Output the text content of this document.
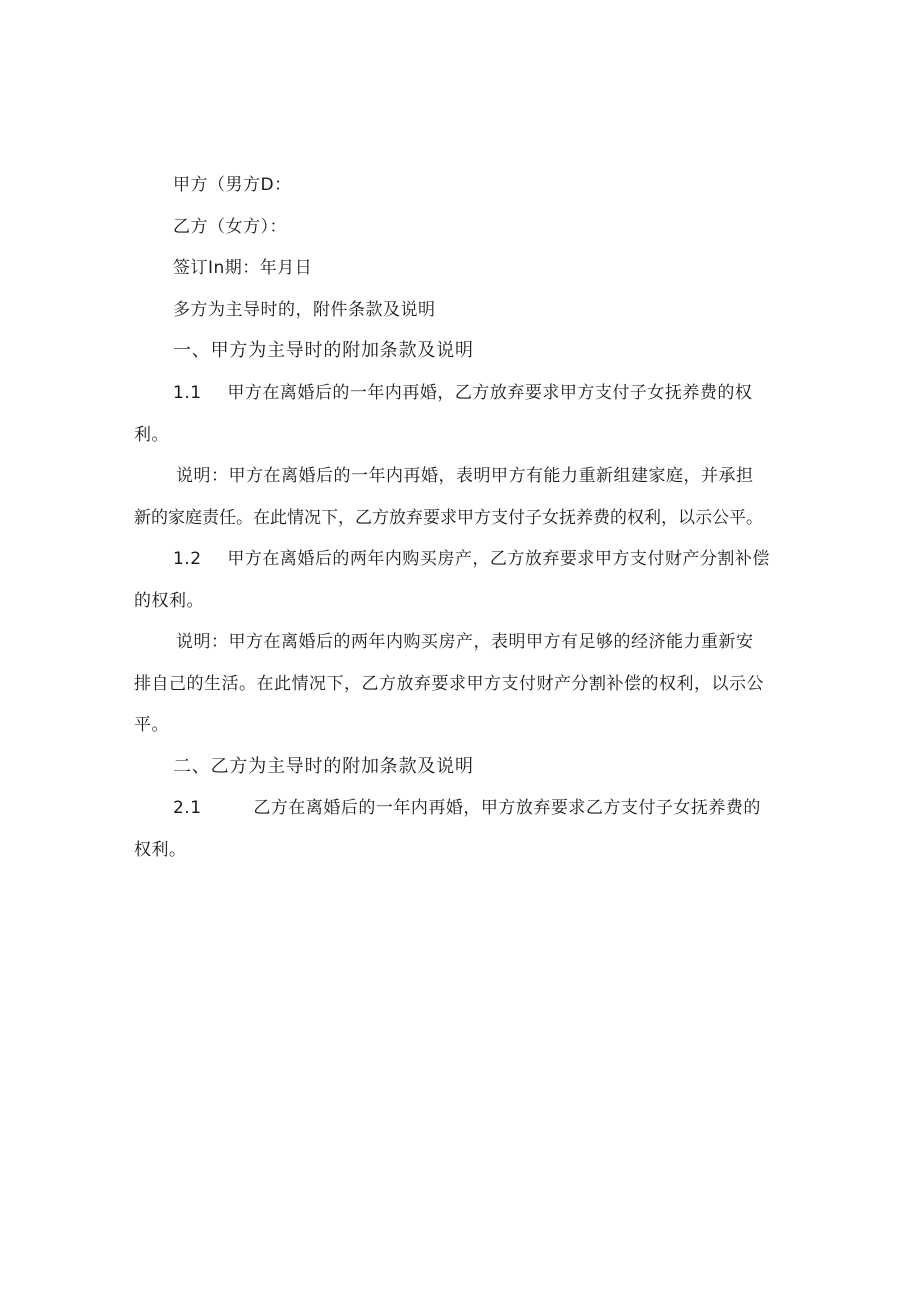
甲方（男方D：
乙方（女方）：
签订In期：年月日
多方为主导时的，附件条款及说明
一、甲方为主导时的附加条款及说明
1.1 甲方在离婚后的一年内再婚，乙方放弃要求甲方支付子女抚养费的权
利。
说明：甲方在离婚后的一年内再婚，表明甲方有能力重新组建家庭，并承担
新的家庭责任。在此情况下，乙方放弃要求甲方支付子女抚养费的权利，以示公平。
1.2 甲方在离婚后的两年内购买房产，乙方放弃要求甲方支付财产分割补偿
的权利。
说明：甲方在离婚后的两年内购买房产，表明甲方有足够的经济能力重新安
排自己的生活。在此情况下，乙方放弃要求甲方支付财产分割补偿的权利，以示公
平。
二、乙方为主导时的附加条款及说明
2.1	乙方在离婚后的一年内再婚，甲方放弃要求乙方支付子女抚养费的
权利。
